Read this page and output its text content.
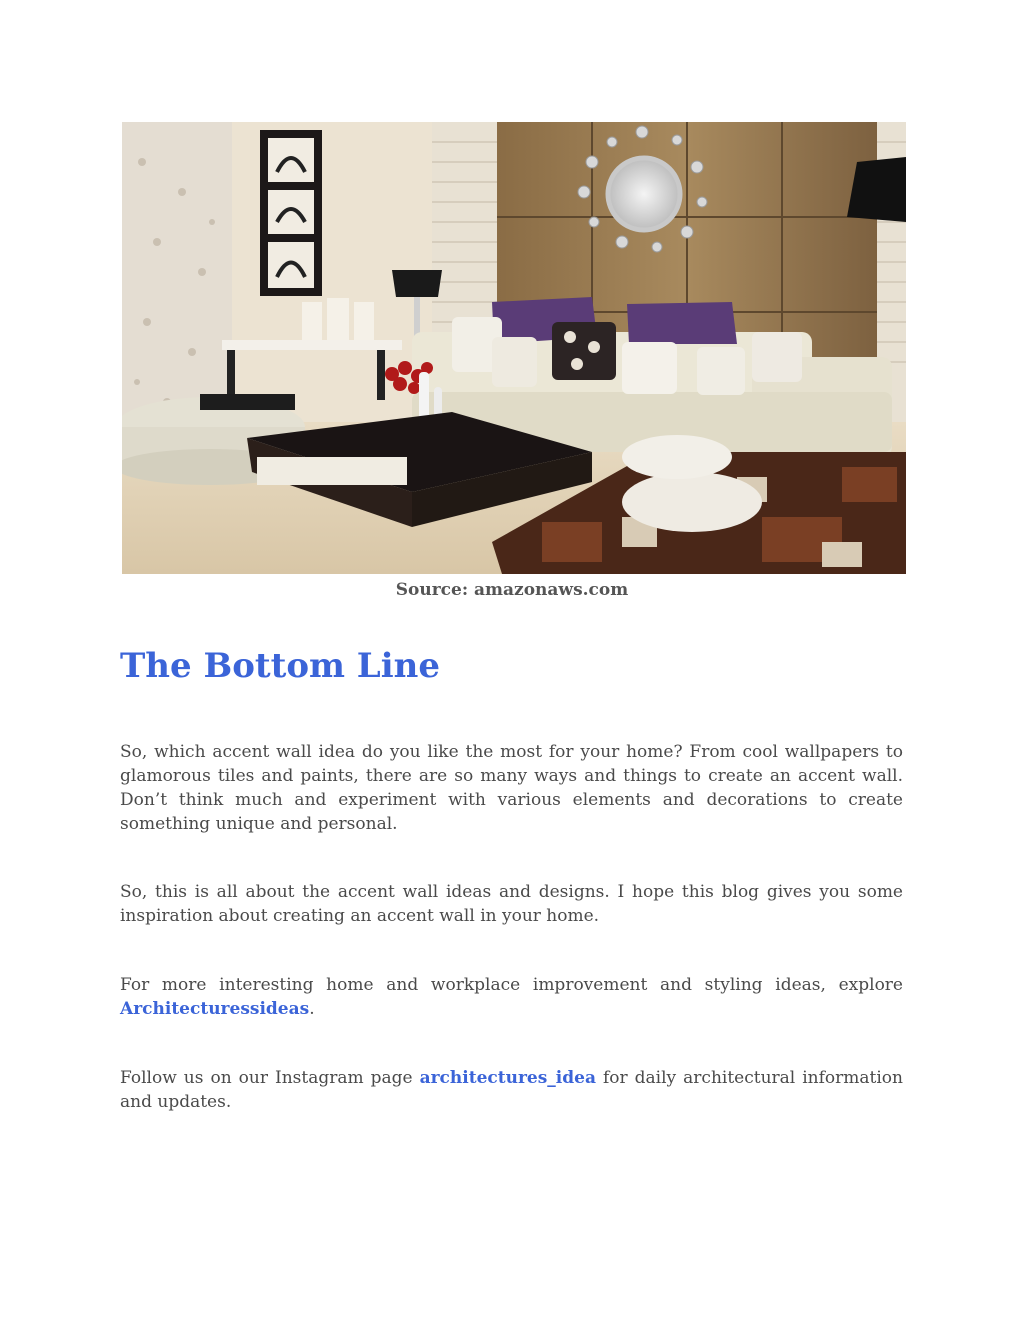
Source: amazonaws.com
The Bottom Line

So, which accent wall idea do you like the most for your home? From cool wallpapers to glamorous tiles and paints, there are so many ways and things to create an accent wall. Don’t think much and experiment with various elements and decorations to create something unique and personal.

So, this is all about the accent wall ideas and designs. I hope this blog gives you some inspiration about creating an accent wall in your home.

For more interesting home and workplace improvement and styling ideas, explore Architecturessideas.

Follow us on our Instagram page architectures_idea for daily architectural information and updates.
